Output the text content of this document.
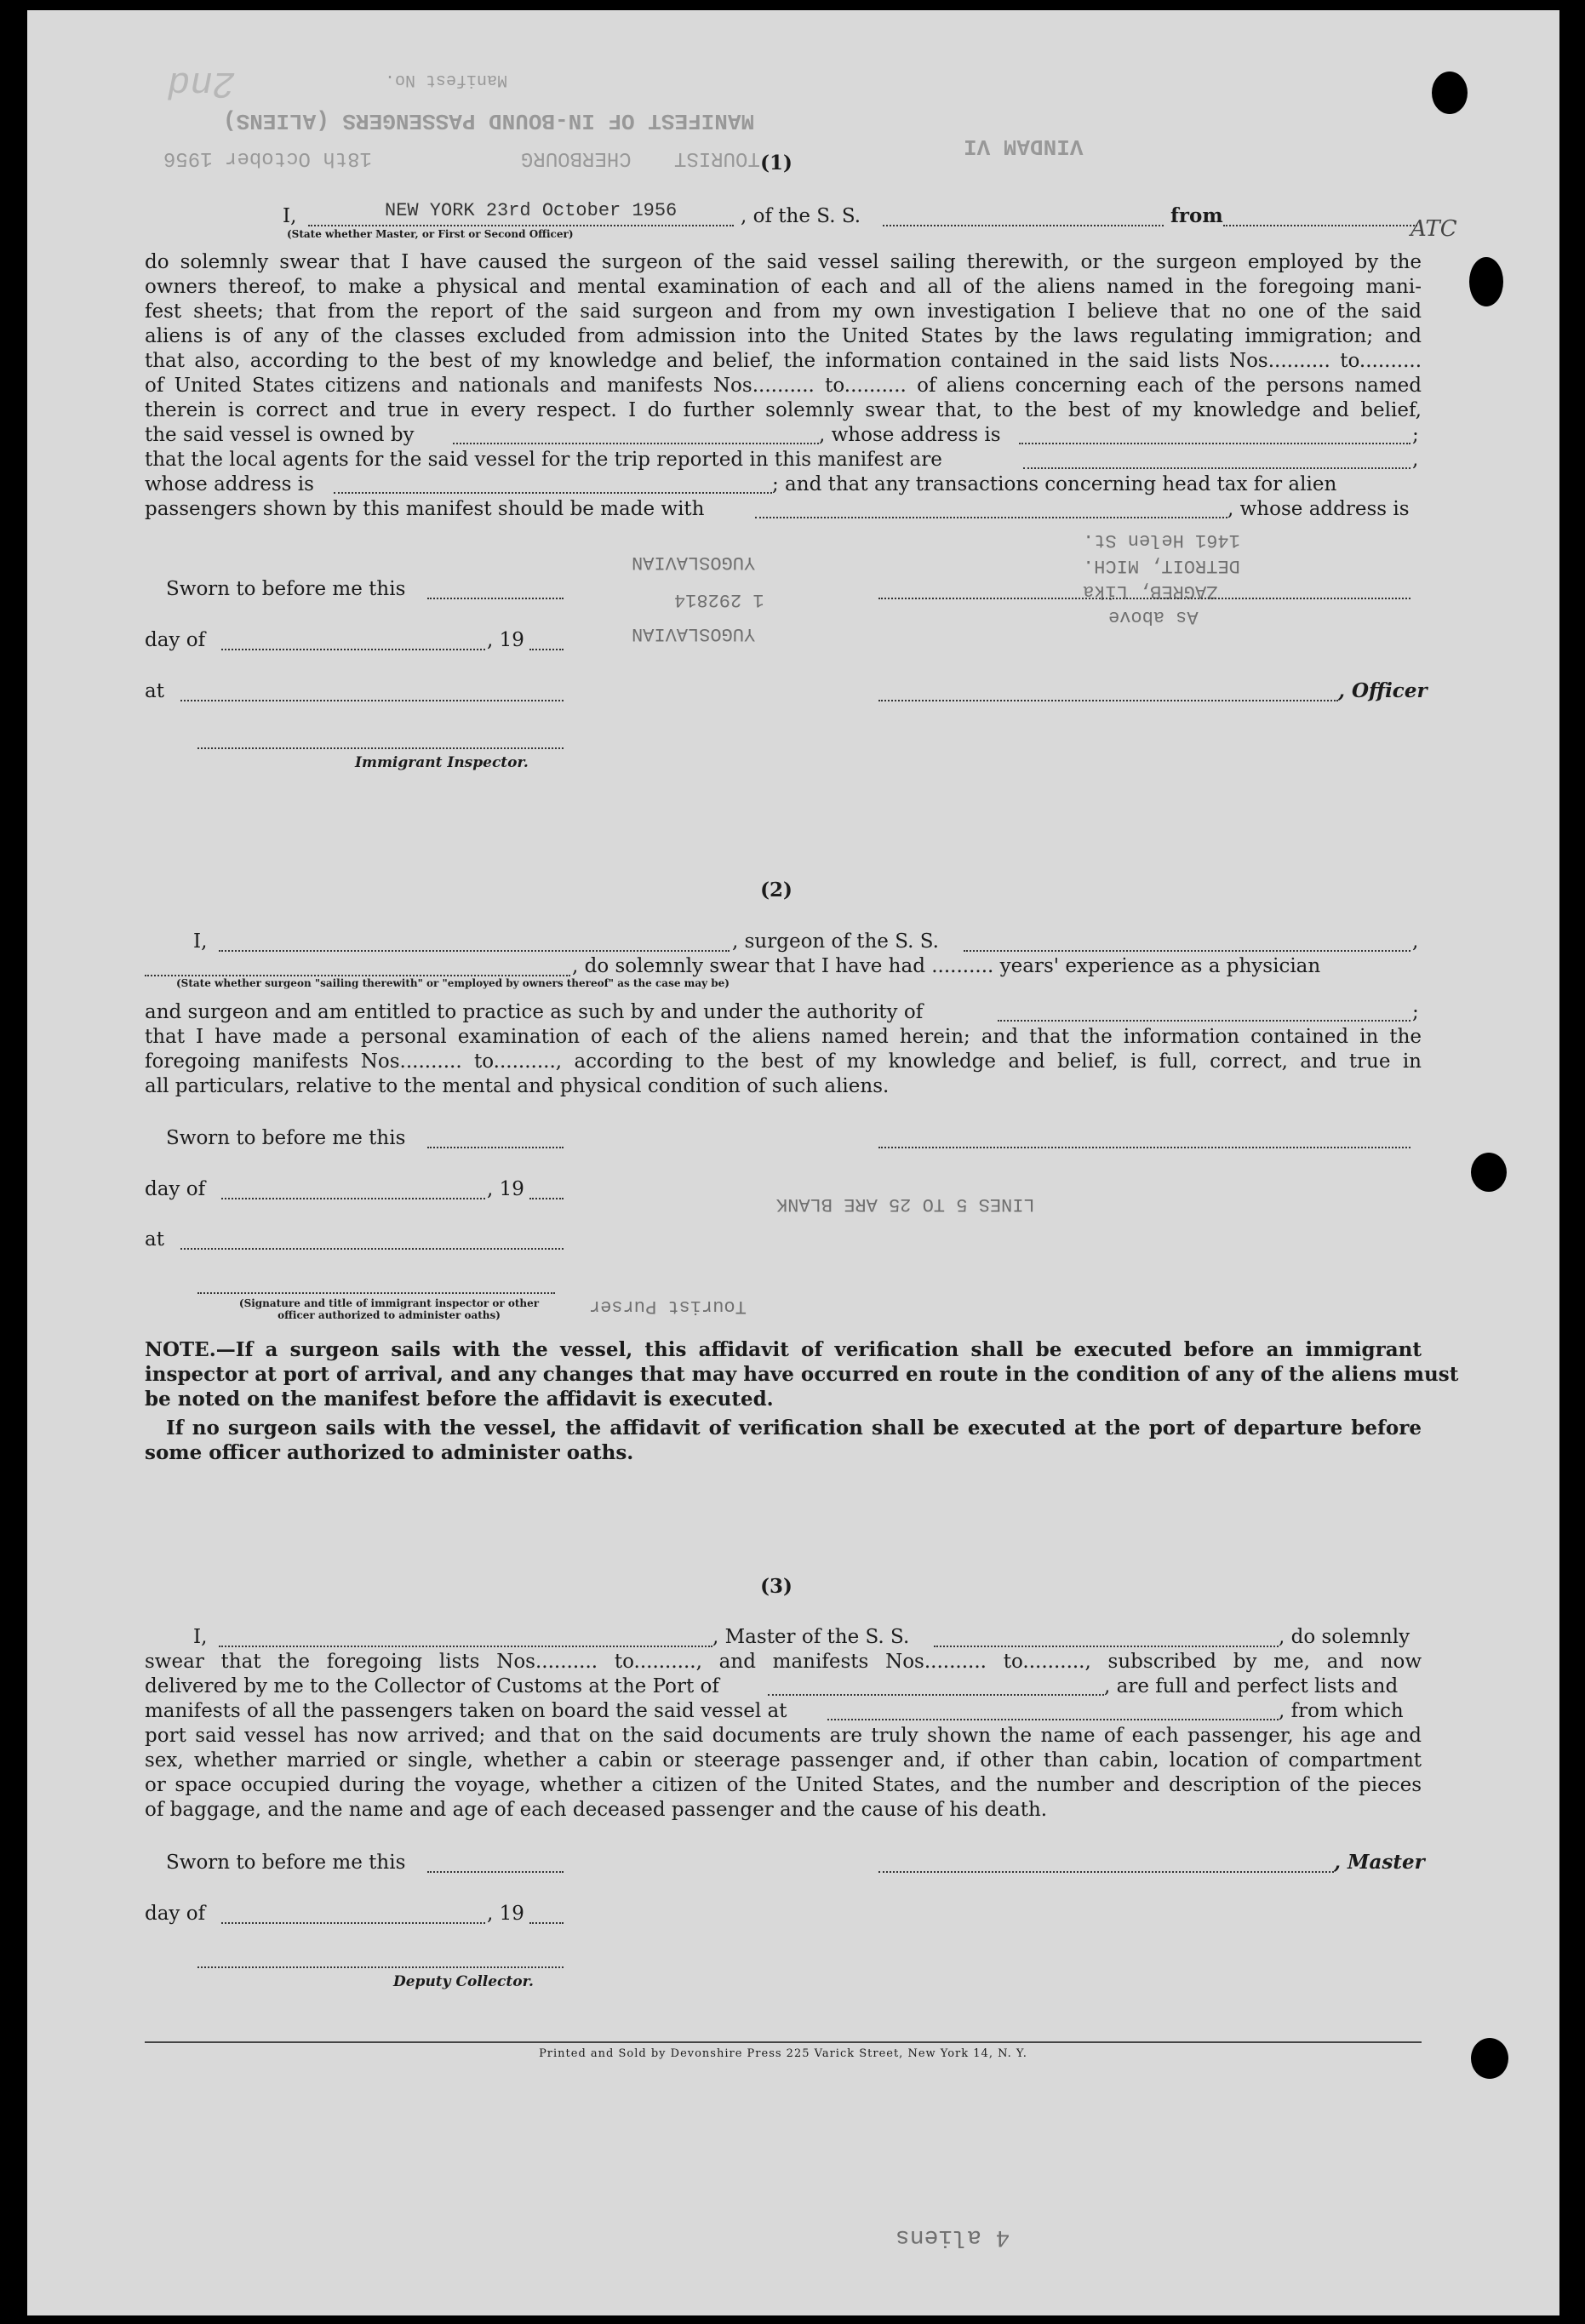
Manifest No.
MANIFEST OF IN-BOUND PASSENGERS (ALIENS)
18th October 1956	CHERBOURG TOURIST	VINDAM VI
2nd
ATC
(1)
I,	NEW YORK 23rd October 1956	, of the S. S.	from
(State whether Master, or First or Second Officer)
do solemnly swear that I have caused the surgeon of the said vessel sailing therewith, or the surgeon employed by the
owners thereof, to make a physical and mental examination of each and all of the aliens named in the foregoing mani-
fest sheets; that from the report of the said surgeon and from my own investigation I believe that no one of the said
aliens is of any of the classes excluded from admission into the United States by the laws regulating immigration; and
that also, according to the best of my knowledge and belief, the information contained in the said lists Nos.......... to..........
of United States citizens and nationals and manifests Nos.......... to.......... of aliens concerning each of the persons named
therein is correct and true in every respect. I do further solemnly swear that, to the best of my knowledge and belief,
the said vessel is owned by	, whose address is	;
that the local agents for the said vessel for the trip reported in this manifest are	,
whose address is	; and that any transactions concerning head tax for alien
passengers shown by this manifest should be made with	, whose address is
YUGOSLAVIAN
1 292814
YUGOSLAVIAN
1461 Helen St.
DETROIT, MICH.
ZAGREB, Lika
As above
Sworn to before me this
day of	, 19
at	, Officer
Immigrant Inspector.
(2)
I,	, surgeon of the S. S.	,
, do solemnly swear that I have had .......... years' experience as a physician
(State whether surgeon "sailing therewith" or "employed by owners thereof" as the case may be)
and surgeon and am entitled to practice as such by and under the authority of	;
that I have made a personal examination of each of the aliens named herein; and that the information contained in the
foregoing manifests Nos.......... to.........., according to the best of my knowledge and belief, is full, correct, and true in
all particulars, relative to the mental and physical condition of such aliens.
Sworn to before me this
day of	, 19
at
(Signature and title of immigrant inspector or other officer authorized to administer oaths)
LINES 5 TO 25 ARE BLANK
Tourist Purser
NOTE.—If a surgeon sails with the vessel, this affidavit of verification shall be executed before an immigrant
inspector at port of arrival, and any changes that may have occurred en route in the condition of any of the aliens must
be noted on the manifest before the affidavit is executed.
If no surgeon sails with the vessel, the affidavit of verification shall be executed at the port of departure before
some officer authorized to administer oaths.
(3)
I,	, Master of the S. S.	, do solemnly
swear that the foregoing lists Nos.......... to.........., and manifests Nos.......... to.........., subscribed by me, and now
delivered by me to the Collector of Customs at the Port of	, are full and perfect lists and
manifests of all the passengers taken on board the said vessel at	, from which
port said vessel has now arrived; and that on the said documents are truly shown the name of each passenger, his age and
sex, whether married or single, whether a cabin or steerage passenger and, if other than cabin, location of compartment
or space occupied during the voyage, whether a citizen of the United States, and the number and description of the pieces
of baggage, and the name and age of each deceased passenger and the cause of his death.
Sworn to before me this	, Master
day of	, 19
Deputy Collector.
Printed and Sold by Devonshire Press 225 Varick Street, New York 14, N. Y.
4 aliens
